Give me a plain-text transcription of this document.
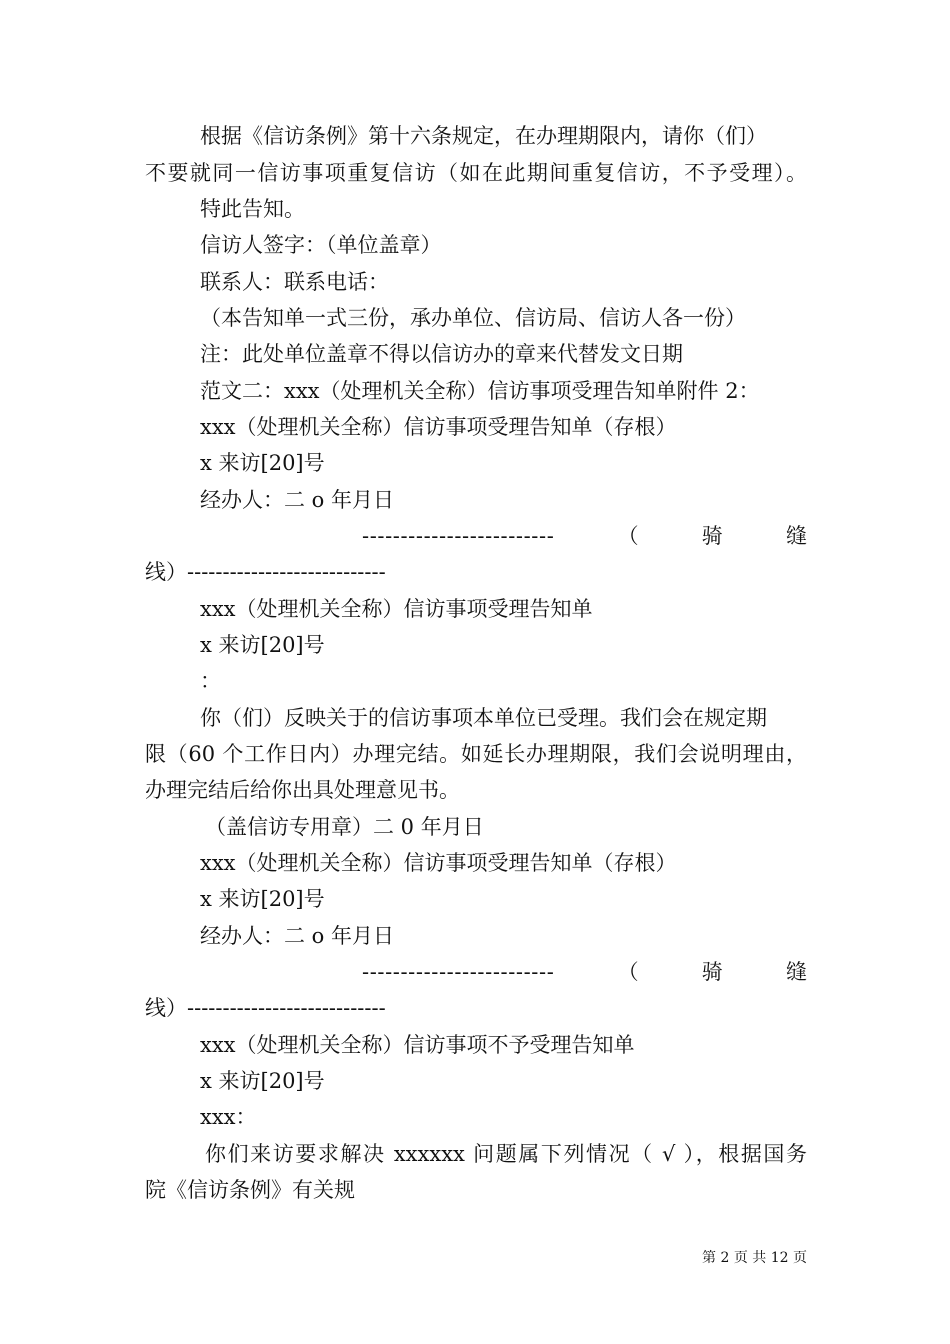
根据《信访条例》第十六条规定，在办理期限内，请你（们）
不要就同一信访事项重复信访（如在此期间重复信访，不予受理）。
特此告知。
信访人签字：（单位盖章）
联系人：联系电话：
（本告知单一式三份，承办单位、信访局、信访人各一份）
注：此处单位盖章不得以信访办的章来代替发文日期
范文二：xxx（处理机关全称）信访事项受理告知单附件 2：
xxx（处理机关全称）信访事项受理告知单（存根）
x 来访[20]号
经办人：二 o 年月日
-------------------------	（	骑	缝
线）----------------------------
xxx（处理机关全称）信访事项受理告知单
x 来访[20]号
：
你（们）反映关于的信访事项本单位已受理。我们会在规定期
限（60 个工作日内）办理完结。如延长办理期限，我们会说明理由，
办理完结后给你出具处理意见书。
（盖信访专用章）二 0 年月日
xxx（处理机关全称）信访事项受理告知单（存根）
x 来访[20]号
经办人：二 o 年月日
-------------------------	（	骑	缝
线）----------------------------
xxx（处理机关全称）信访事项不予受理告知单
x 来访[20]号
xxx：
你们来访要求解决 xxxxxx 问题属下列情况（ √ ），根据国务
院《信访条例》有关规
第 2 页 共 12 页
